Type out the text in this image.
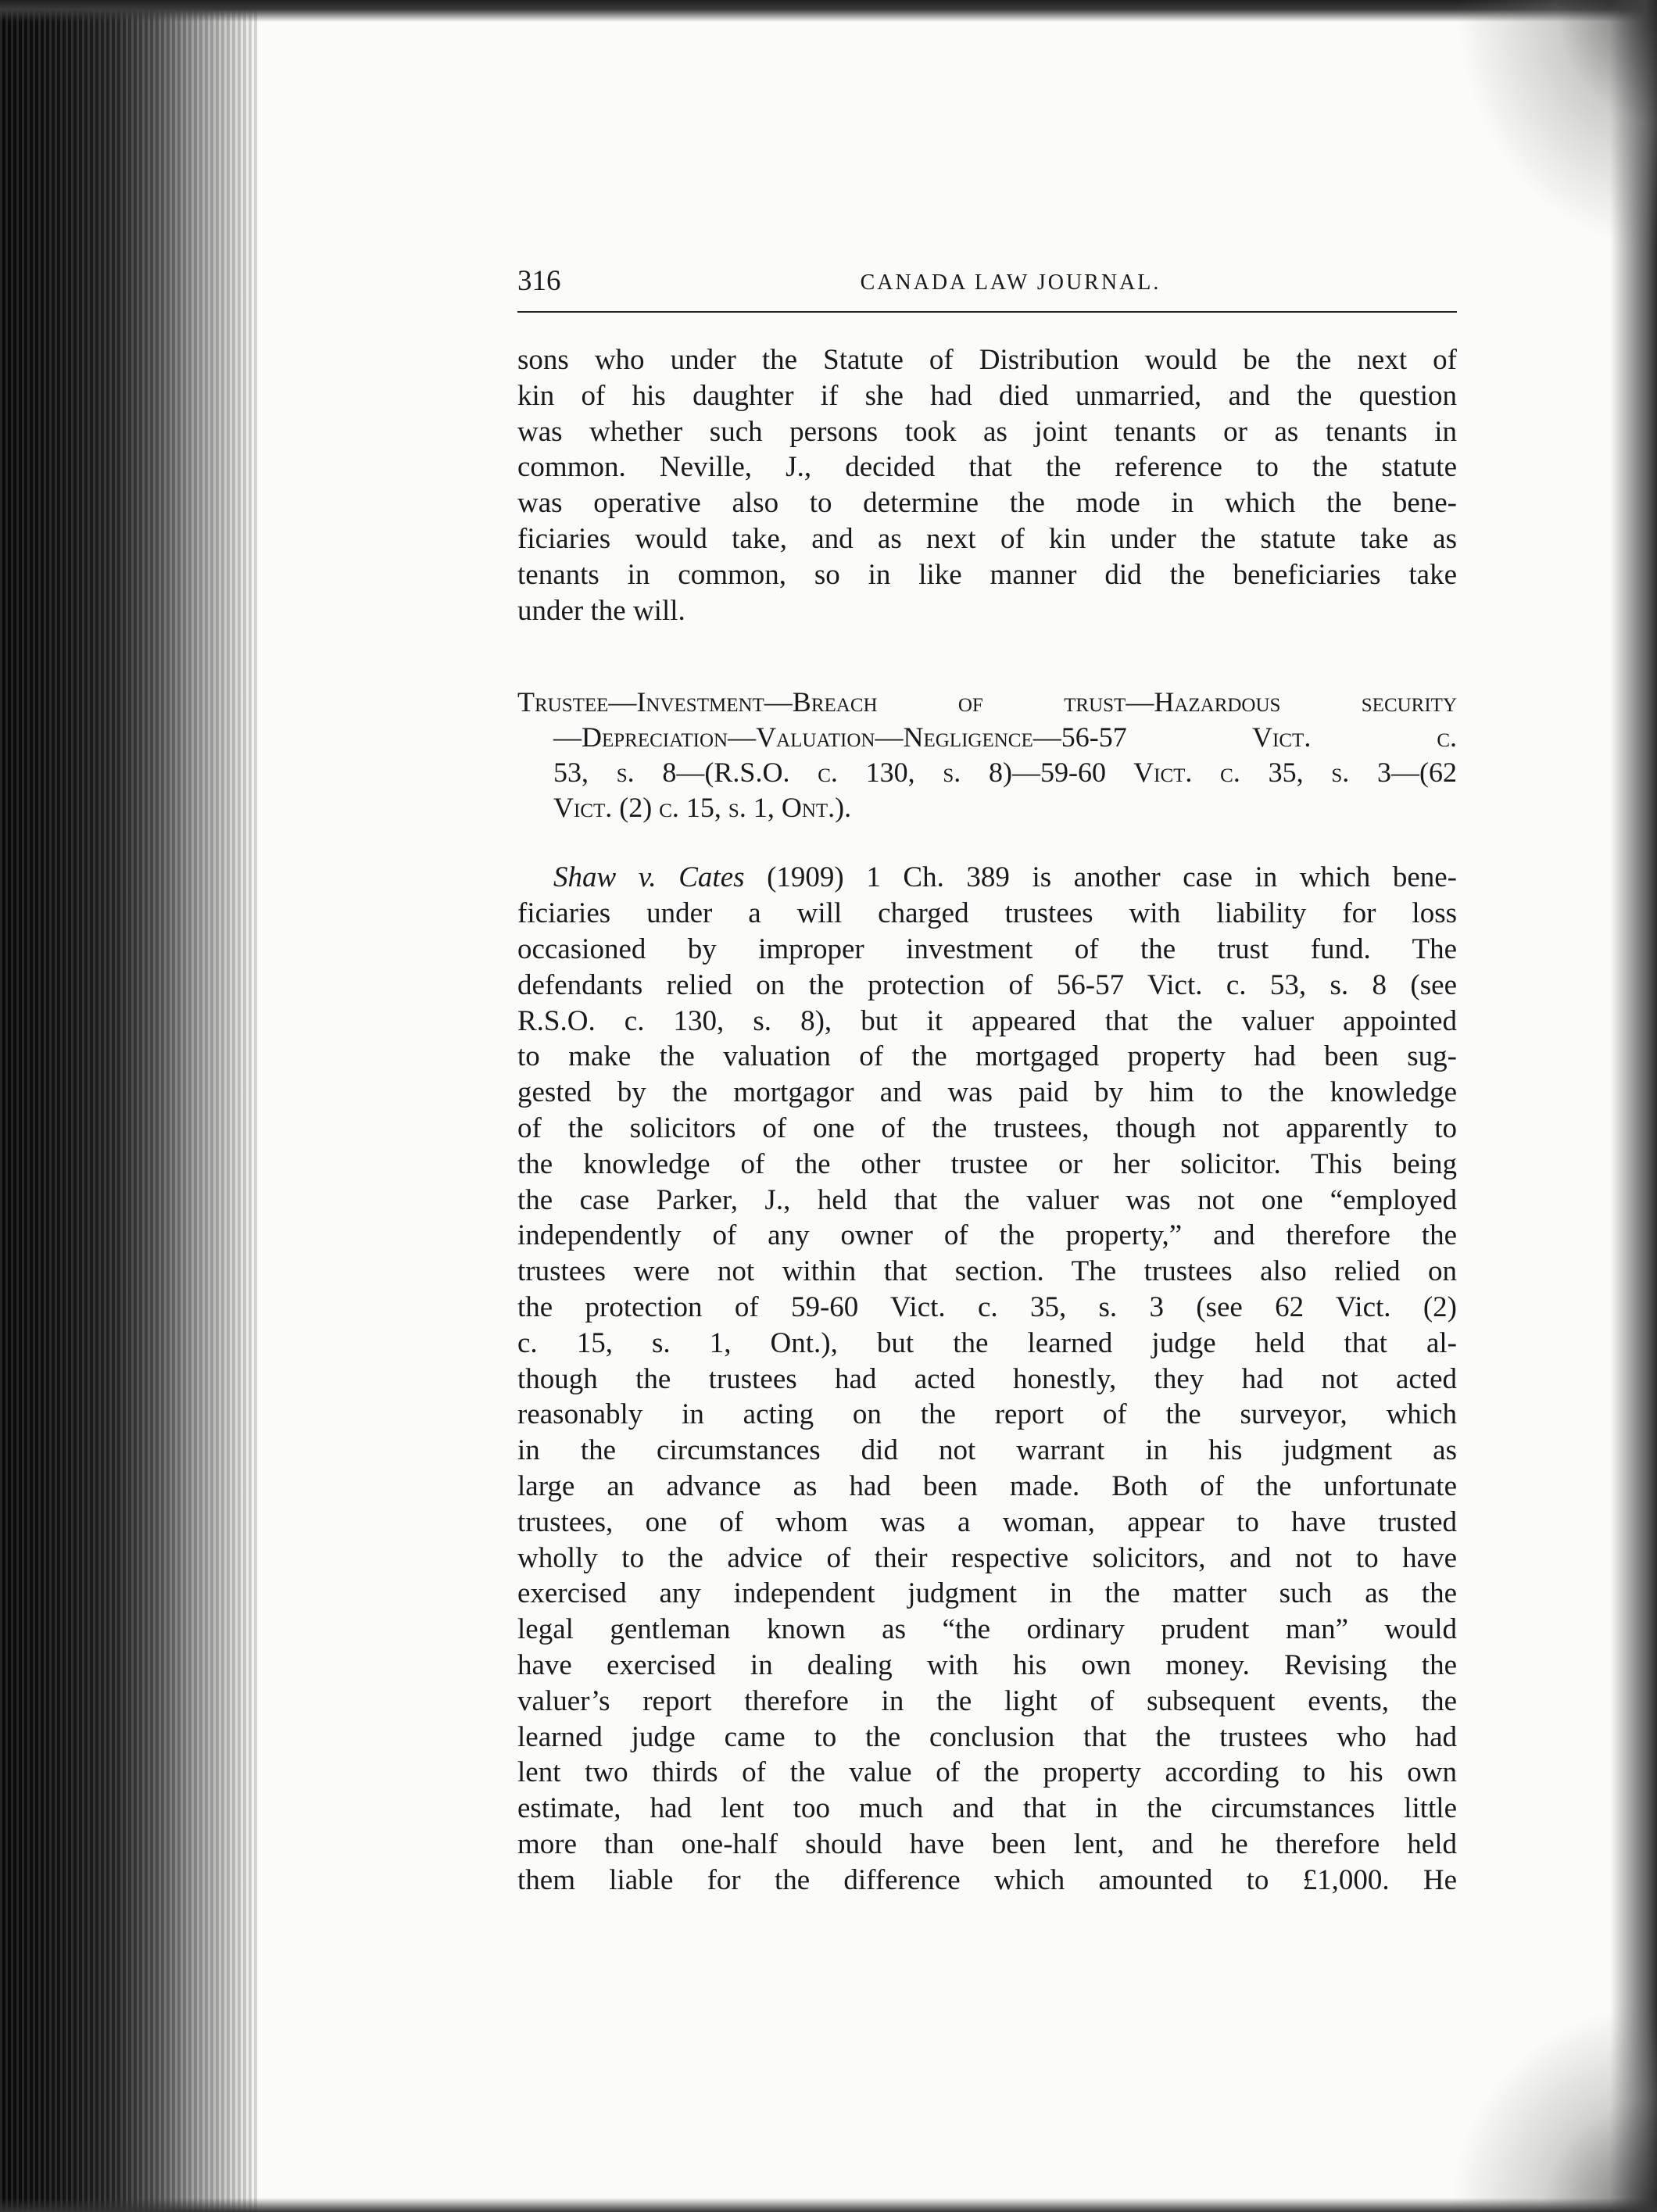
316	CANADA LAW JOURNAL.
sons who under the Statute of Distribution would be the next of
kin of his daughter if she had died unmarried, and the question
was whether such persons took as joint tenants or as tenants in
common. Neville, J., decided that the reference to the statute
was operative also to determine the mode in which the bene-
ficiaries would take, and as next of kin under the statute take as
tenants in common, so in like manner did the beneficiaries take
under the will.
Trustee—Investment—Breach of trust—Hazardous security
—Depreciation—Valuation—Negligence—56-57 Vict. c.
53, s. 8—(R.S.O. c. 130, s. 8)—59-60 Vict. c. 35, s. 3—(62
Vict. (2) c. 15, s. 1, Ont.).
Shaw v. Cates (1909) 1 Ch. 389 is another case in which bene-
ficiaries under a will charged trustees with liability for loss
occasioned by improper investment of the trust fund. The
defendants relied on the protection of 56-57 Vict. c. 53, s. 8 (see
R.S.O. c. 130, s. 8), but it appeared that the valuer appointed
to make the valuation of the mortgaged property had been sug-
gested by the mortgagor and was paid by him to the knowledge
of the solicitors of one of the trustees, though not apparently to
the knowledge of the other trustee or her solicitor. This being
the case Parker, J., held that the valuer was not one “employed
independently of any owner of the property,” and therefore the
trustees were not within that section. The trustees also relied on
the protection of 59-60 Vict. c. 35, s. 3 (see 62 Vict. (2)
c. 15, s. 1, Ont.), but the learned judge held that al-
though the trustees had acted honestly, they had not acted
reasonably in acting on the report of the surveyor, which
in the circumstances did not warrant in his judgment as
large an advance as had been made. Both of the unfortunate
trustees, one of whom was a woman, appear to have trusted
wholly to the advice of their respective solicitors, and not to have
exercised any independent judgment in the matter such as the
legal gentleman known as “the ordinary prudent man” would
have exercised in dealing with his own money. Revising the
valuer’s report therefore in the light of subsequent events, the
learned judge came to the conclusion that the trustees who had
lent two thirds of the value of the property according to his own
estimate, had lent too much and that in the circumstances little
more than one-half should have been lent, and he therefore held
them liable for the difference which amounted to £1,000. He
